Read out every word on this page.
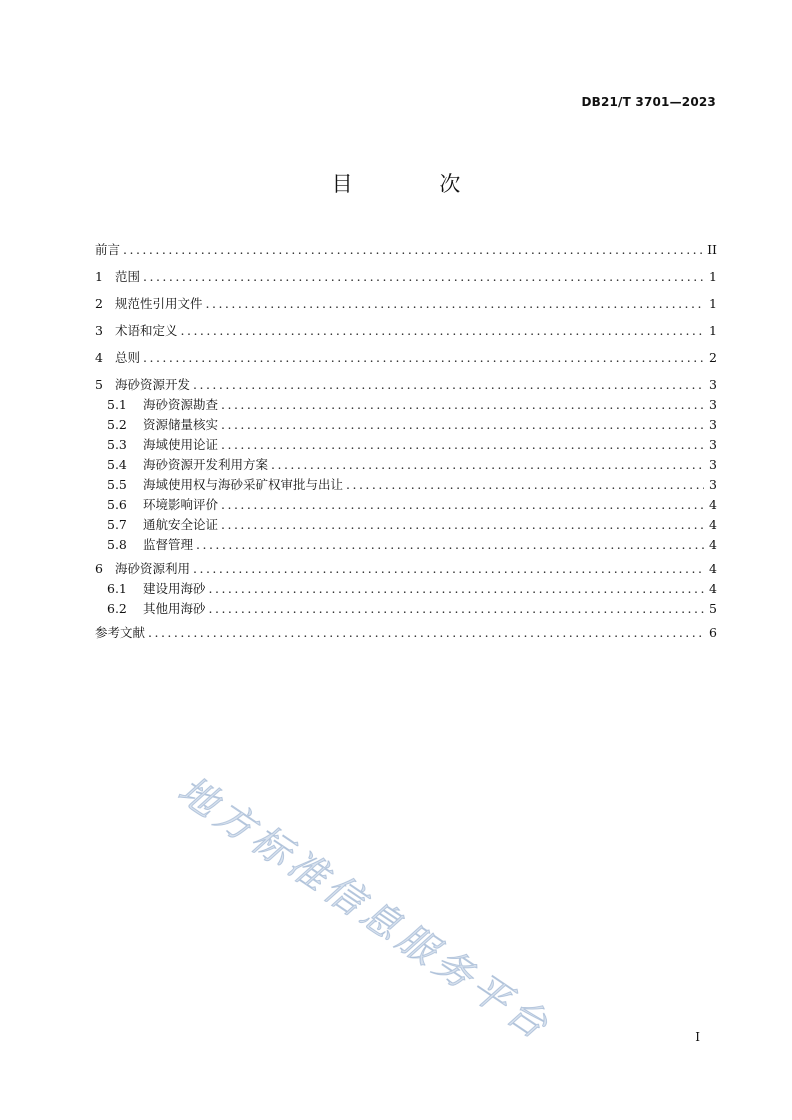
DB21/T 3701—2023
目 次
前言 .....	II
1 范围 .....	1
2 规范性引用文件 .....	1
3 术语和定义 .....	1
4 总则 .....	2
5 海砂资源开发 .....	3
5.1	海砂资源勘查 .....	3
5.2	资源储量核实 .....	3
5.3	海域使用论证 .....	3
5.4	海砂资源开发利用方案 .....	3
5.5	海域使用权与海砂采矿权审批与出让 .....	3
5.6	环境影响评价 .....	4
5.7	通航安全论证 .....	4
5.8	监督管理 .....	4
6 海砂资源利用 .....	4
6.1	建设用海砂 .....	4
6.2	其他用海砂 .....	5
参考文献 .....	6
地方标准信息服务平台	I
